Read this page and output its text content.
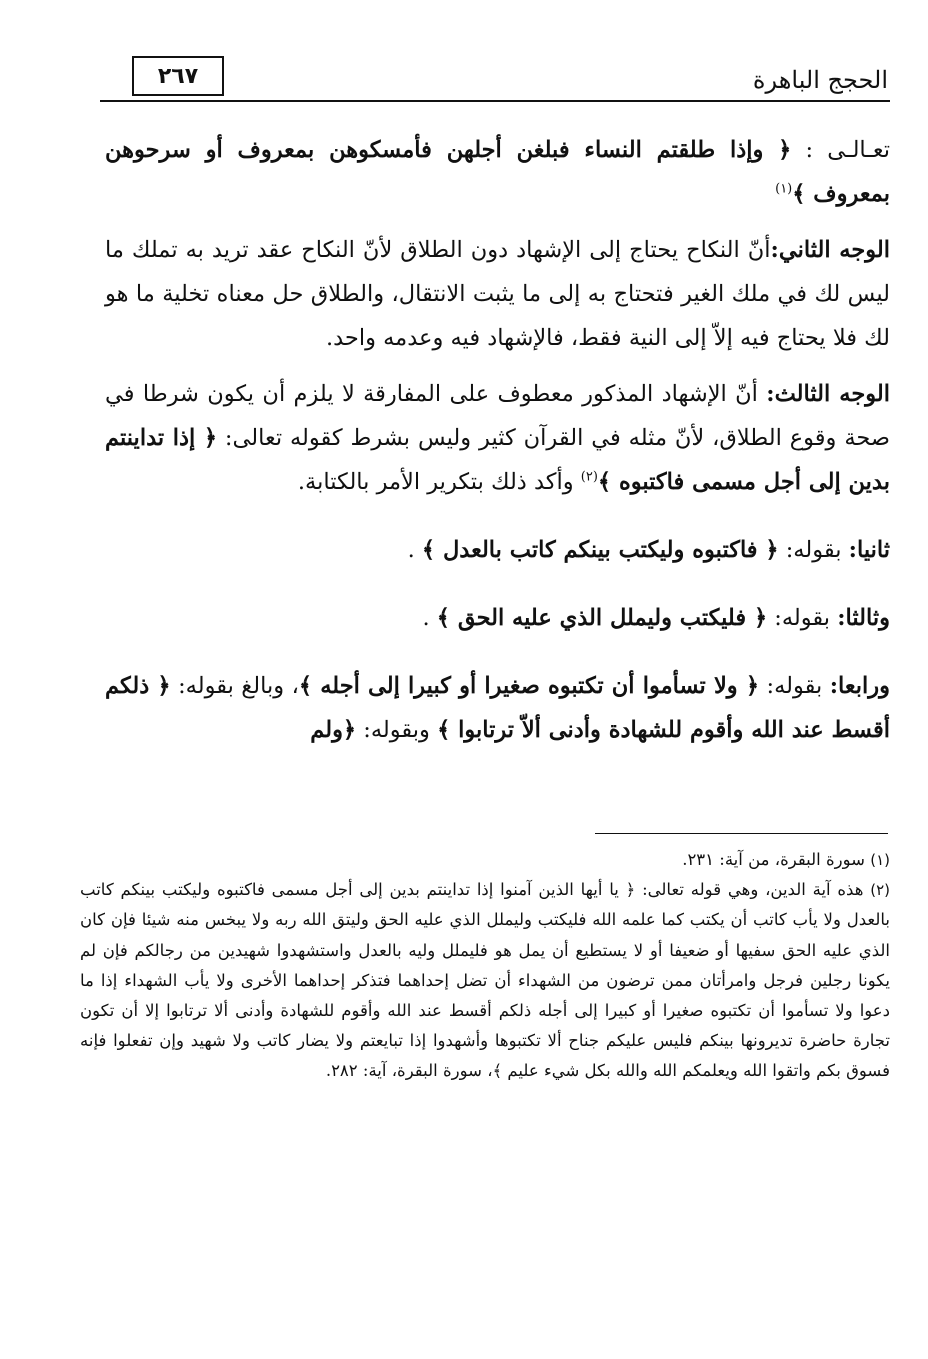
٢٦٧	الحجج الباهرة

تعـالـى : ﴿ وإذا طلقتم النساء فبلغن أجلهن فأمسكوهن بمعروف أو سرحوهن بمعروف ﴾$^{(١)}$

الوجه الثاني:أنّ النكاح يحتاج إلى الإشهاد دون الطلاق لأنّ النكاح عقد تريد به تملك ما ليس لك في ملك الغير فتحتاج به إلى ما يثبت الانتقال، والطلاق حل معناه تخلية ما هو لك فلا يحتاج فيه إلاّ إلى النية فقط، فالإشهاد فيه وعدمه واحد.

الوجه الثالث: أنّ الإشهاد المذكور معطوف على المفارقة لا يلزم أن يكون شرطا في صحة وقوع الطلاق، لأنّ مثله في القرآن كثير وليس بشرط كقوله تعالى: ﴿ إذا تداينتم بدين إلى أجل مسمى فاكتبوه ﴾$^{(٢)}$ وأكد ذلك بتكرير الأمر بالكتابة.

ثانيا: بقوله: ﴿ فاكتبوه وليكتب بينكم كاتب بالعدل ﴾ .

وثالثا: بقوله: ﴿ فليكتب وليملل الذي عليه الحق ﴾ .

ورابعا: بقوله: ﴿ ولا تسأموا أن تكتبوه صغيرا أو كبيرا إلى أجله ﴾، وبالغ بقوله: ﴿ ذلكم أقسط عند الله وأقوم للشهادة وأدنى ألاّ ترتابوا ﴾ وبقوله: ﴿ولم

(١) سورة البقرة، من آية: ٢٣١.

(٢) هذه آية الدين، وهي قوله تعالى: ﴿ يا أيها الذين آمنوا إذا تداينتم بدين إلى أجل مسمى فاكتبوه وليكتب بينكم كاتب بالعدل ولا يأب كاتب أن يكتب كما علمه الله فليكتب وليملل الذي عليه الحق وليتق الله ربه ولا يبخس منه شيئا فإن كان الذي عليه الحق سفيها أو ضعيفا أو لا يستطيع أن يمل هو فليملل وليه بالعدل واستشهدوا شهيدين من رجالكم فإن لم يكونا رجلين فرجل وامرأتان ممن ترضون من الشهداء أن تضل إحداهما فتذكر إحداهما الأخرى ولا يأب الشهداء إذا ما دعوا ولا تسأموا أن تكتبوه صغيرا أو كبيرا إلى أجله ذلكم أقسط عند الله وأقوم للشهادة وأدنى ألا ترتابوا إلا أن تكون تجارة حاضرة تديرونها بينكم فليس عليكم جناح ألا تكتبوها وأشهدوا إذا تبايعتم ولا يضار كاتب ولا شهيد وإن تفعلوا فإنه فسوق بكم واتقوا الله ويعلمكم الله والله بكل شيء عليم ﴾، سورة البقرة، آية: ٢٨٢.
